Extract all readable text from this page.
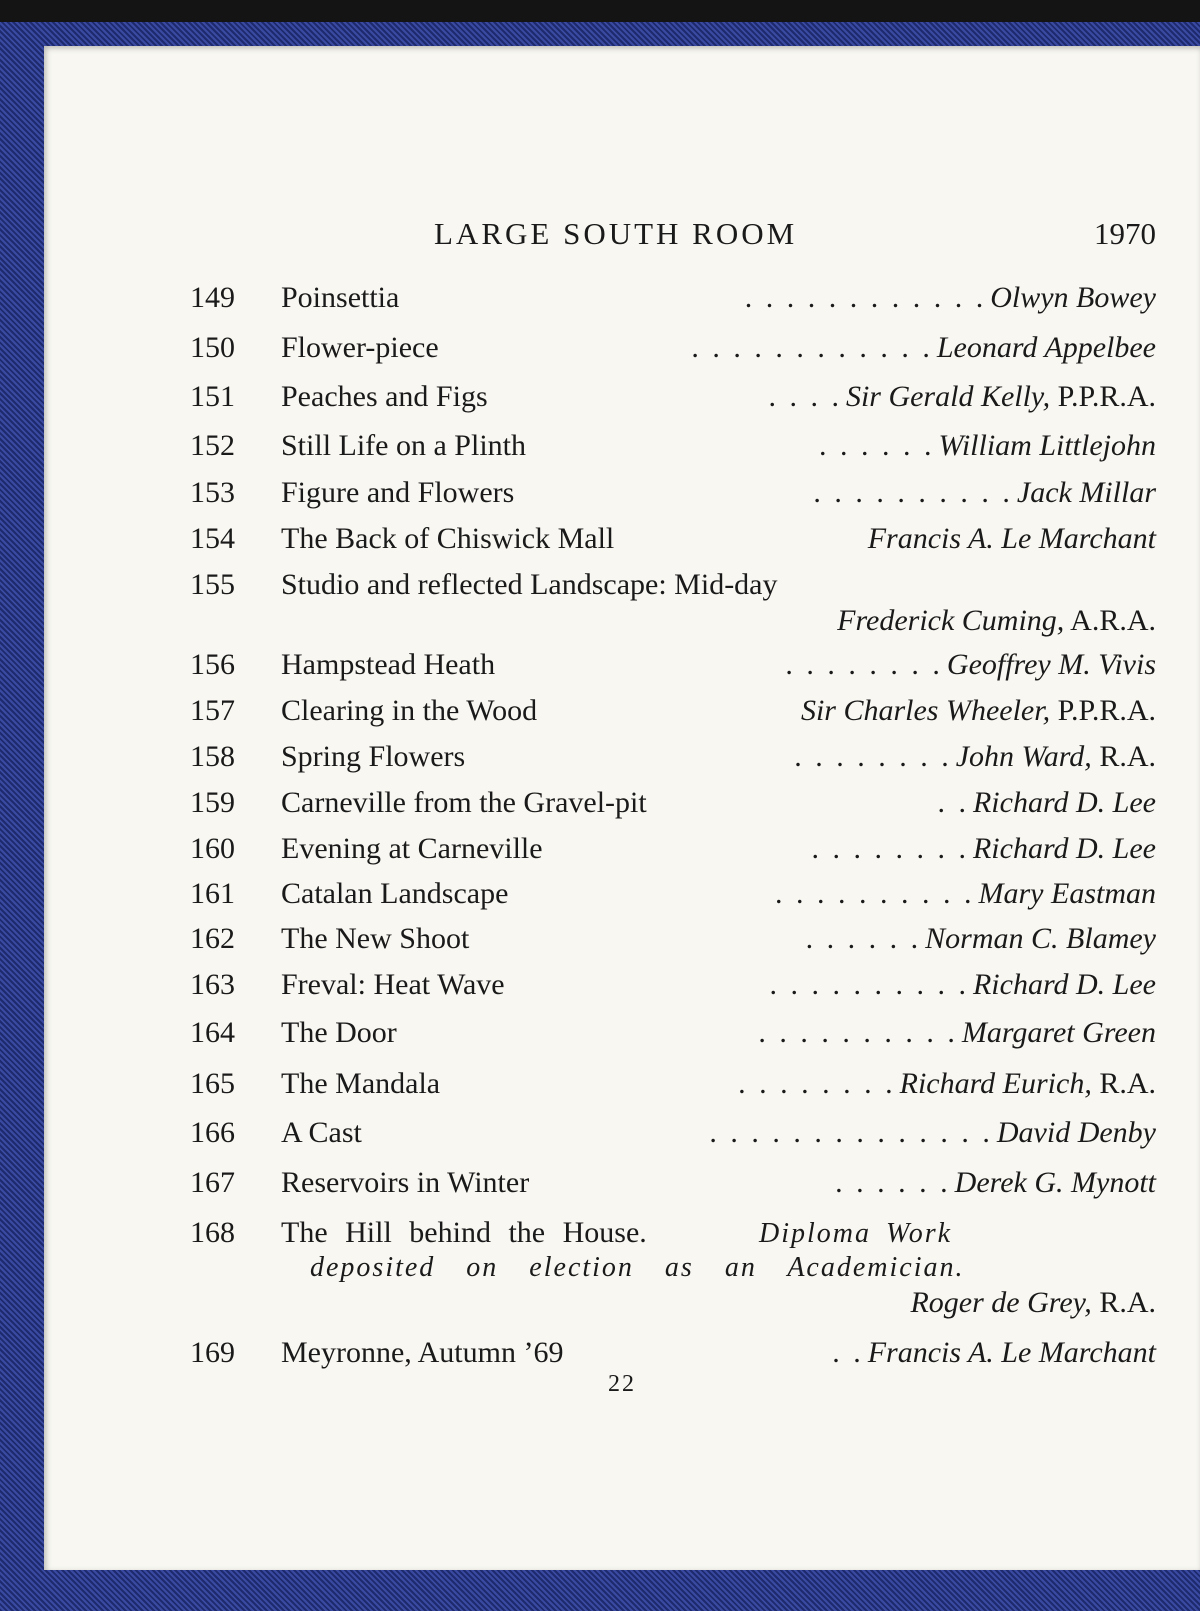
LARGE SOUTH ROOM	1970
149 Poinsettia	. . . . . . . . . . . . Olwyn Bowey
150 Flower-piece	. . . . . . . . . . . . Leonard Appelbee
151 Peaches and Figs	. . . . Sir Gerald Kelly, P.P.R.A.
152 Still Life on a Plinth	. . . . . . William Littlejohn
153 Figure and Flowers	. . . . . . . . . . Jack Millar
154 The Back of Chiswick Mall	Francis A. Le Marchant
155 Studio and reflected Landscape: Mid-day
Frederick Cuming, A.R.A.
156 Hampstead Heath	. . . . . . . . Geoffrey M. Vivis
157 Clearing in the Wood	Sir Charles Wheeler, P.P.R.A.
158 Spring Flowers	. . . . . . . . John Ward, R.A.
159 Carneville from the Gravel-pit	. . Richard D. Lee
160 Evening at Carneville	. . . . . . . . Richard D. Lee
161 Catalan Landscape	. . . . . . . . . . Mary Eastman
162 The New Shoot	. . . . . . Norman C. Blamey
163 Freval: Heat Wave	. . . . . . . . . . Richard D. Lee
164 The Door	. . . . . . . . . . Margaret Green
165 The Mandala	. . . . . . . . Richard Eurich, R.A.
166 A Cast	. . . . . . . . . . . . . . David Denby
167 Reservoirs in Winter	. . . . . . Derek G. Mynott
168 The Hill behind the House.	Diploma Work
deposited on election as an Academician.
Roger de Grey, R.A.
169 Meyronne, Autumn ’69	. . Francis A. Le Marchant
22
